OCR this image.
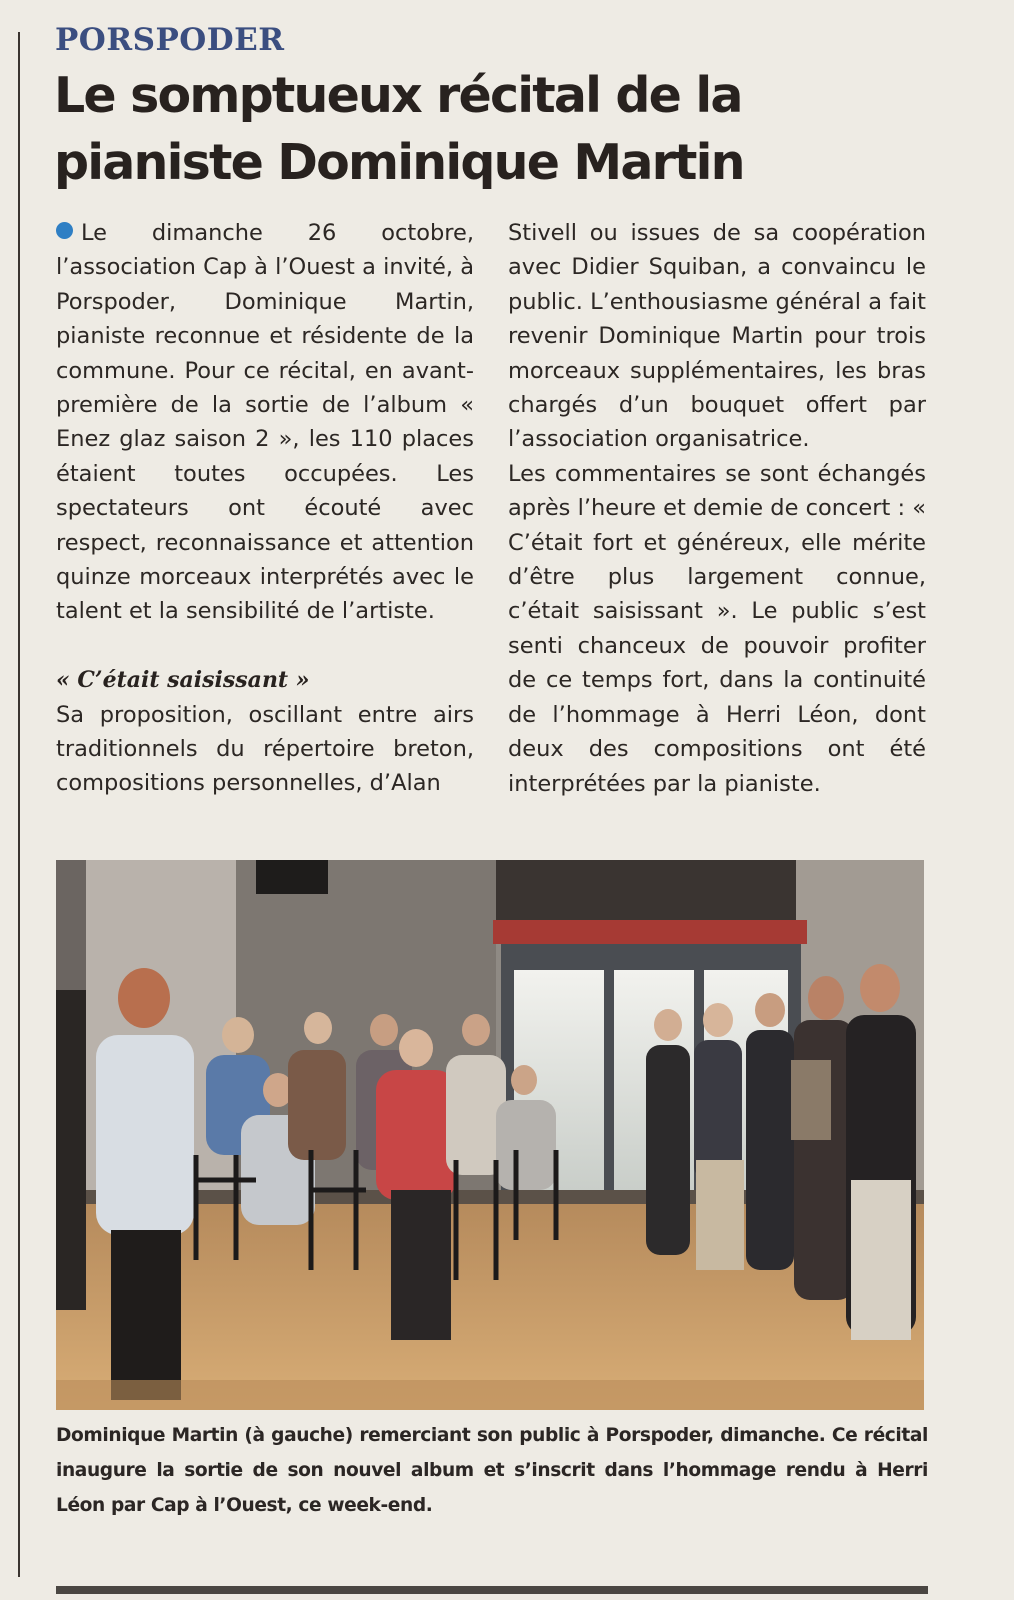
PORSPODER
Le somptueux récital de la pianiste Dominique Martin

Le dimanche 26 octobre, l’association Cap à l’Ouest a invité, à Porspoder, Dominique Martin, pianiste reconnue et résidente de la commune. Pour ce récital, en avant-première de la sortie de l’album « Enez glaz saison 2 », les 110 places étaient toutes occupées. Les spectateurs ont écouté avec respect, reconnaissance et attention quinze morceaux interprétés avec le talent et la sensibilité de l’artiste.

« C’était saisissant »

Sa proposition, oscillant entre airs traditionnels du répertoire breton, compositions personnelles, d’Alan

Stivell ou issues de sa coopération avec Didier Squiban, a convaincu le public. L’enthousiasme général a fait revenir Dominique Martin pour trois morceaux supplémentaires, les bras chargés d’un bouquet offert par l’association organisatrice.

Les commentaires se sont échangés après l’heure et demie de concert : « C’était fort et généreux, elle mérite d’être plus largement connue, c’était saisissant ». Le public s’est senti chanceux de pouvoir profiter de ce temps fort, dans la continuité de l’hommage à Herri Léon, dont deux des compositions ont été interprétées par la pianiste.

Dominique Martin (à gauche) remerciant son public à Porspoder, dimanche. Ce récital inaugure la sortie de son nouvel album et s’inscrit dans l’hommage rendu à Herri Léon par Cap à l’Ouest, ce week-end.
